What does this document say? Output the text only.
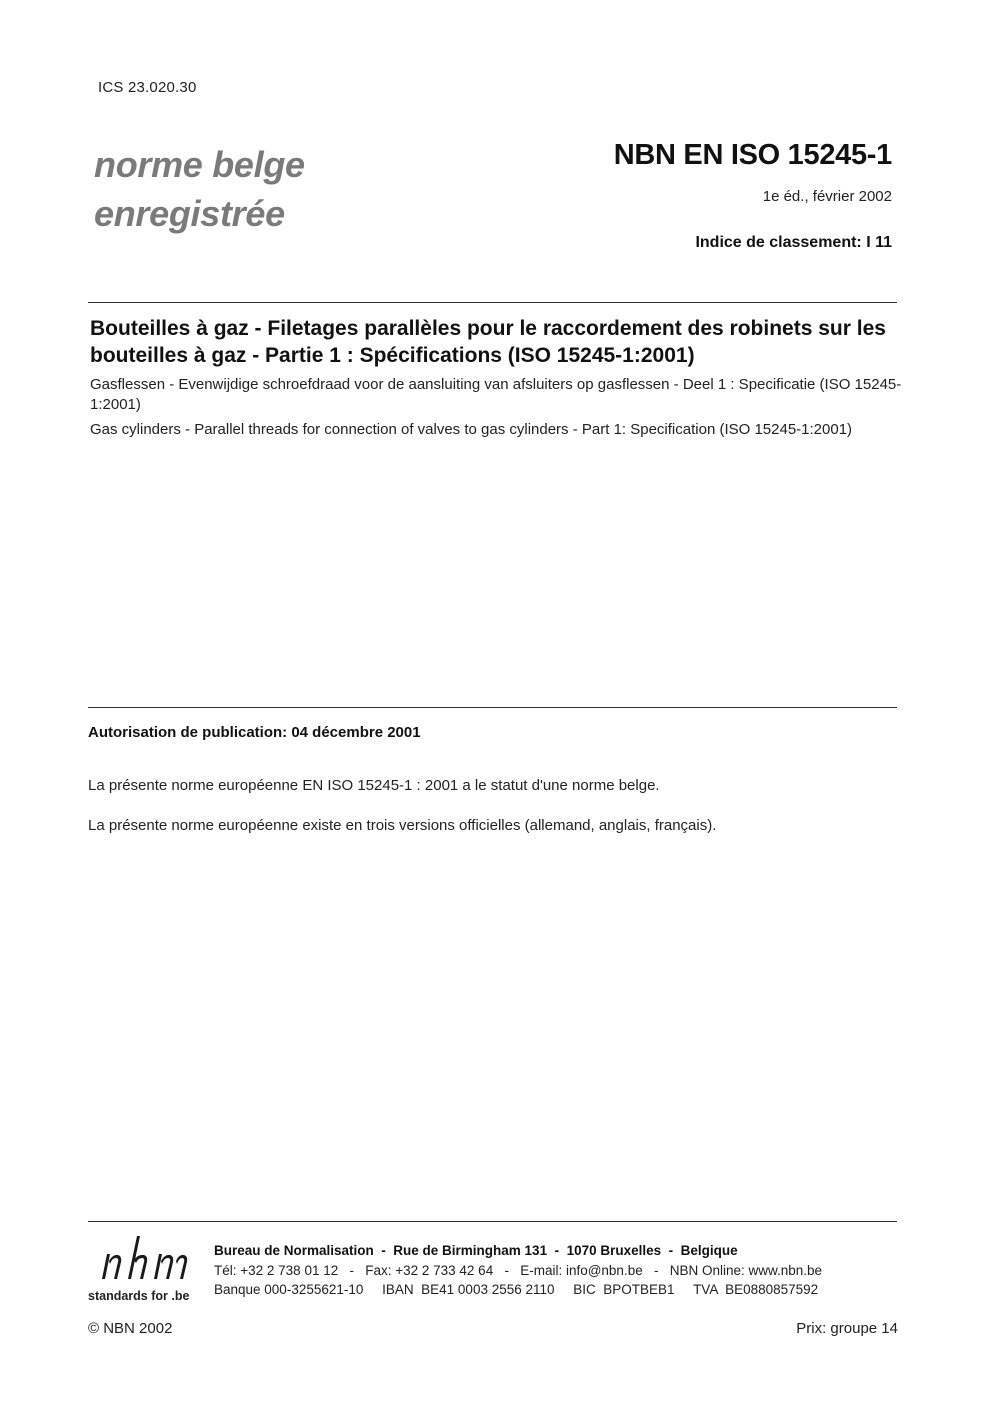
ICS 23.020.30
norme belge
enregistrée
NBN EN ISO 15245-1
1e éd., février 2002
Indice de classement: I 11
Bouteilles à gaz - Filetages parallèles pour le raccordement des robinets sur les bouteilles à gaz - Partie 1 : Spécifications (ISO 15245-1:2001)
Gasflessen - Evenwijdige schroefdraad voor de aansluiting van afsluiters op gasflessen - Deel 1 : Specificatie (ISO 15245-1:2001)
Gas cylinders - Parallel threads for connection of valves to gas cylinders - Part 1: Specification (ISO 15245-1:2001)
Autorisation de publication: 04 décembre 2001
La présente norme européenne EN ISO 15245-1 : 2001 a le statut d'une norme belge.
La présente norme européenne existe en trois versions officielles (allemand, anglais, français).
standards for .be
Bureau de Normalisation  -  Rue de Birmingham 131  -  1070 Bruxelles  -  Belgique
Tél: +32 2 738 01 12   -   Fax: +32 2 733 42 64   -   E-mail: info@nbn.be   -   NBN Online: www.nbn.be
Banque 000-3255621-10     IBAN  BE41 0003 2556 2110     BIC  BPOTBEB1     TVA  BE0880857592
© NBN 2002	Prix: groupe 14
